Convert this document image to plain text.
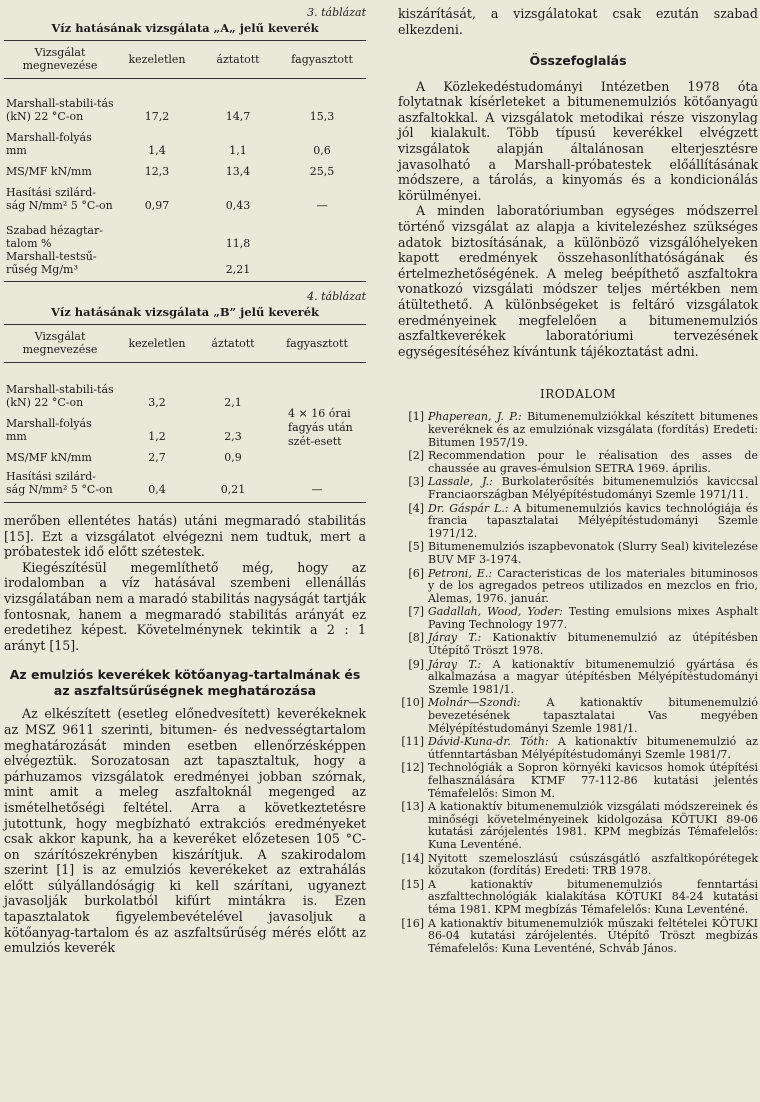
3. táblázat

Víz hatásának vizsgálata „A„ jelű keverék

Vizsgálat megnevezése	kezeletlen	áztatott	fagyasztott

Marshall-stabili-tás (kN) 22 °C-on	17,2	14,7	15,3

Marshall-folyás mm	1,4	1,1	0,6

MS/MF kN/mm	12,3	13,4	25,5

Hasítási szilárd-ság N/mm² 5 °C-on	0,97	0,43	—

Szabad hézagtar-talom %		11,8	
Marshall-testsű-rűség Mg/m³		2,21	

4. táblázat

Víz hatásának vizsgálata „B” jelű keverék

Vizsgálat megnevezése	kezeletlen	áztatott	fagyasztott

Marshall-stabili-tás (kN) 22 °C-on	3,2	2,1	4 × 16 órai fagyás után szét-esett

Marshall-folyás mm	1,2	2,3	

MS/MF kN/mm	2,7	0,9	

Hasítási szilárd-ság N/mm² 5 °C-on	0,4	0,21	—

merőben ellentétes hatás) utáni megmaradó stabilitás [15]. Ezt a vizsgálatot elvégezni nem tudtuk, mert a próbatestek idő előtt szétestek.

Kiegészítésül megemlíthető még, hogy az irodalomban a víz hatásával szembeni ellenállás vizsgálatában nem a maradó stabilitás nagyságát tartják fontosnak, hanem a megmaradó stabilitás arányát ez eredetihez képest. Követelménynek tekintik a 2 : 1 arányt [15].

Az emulziós keverékek kötőanyag-tartalmának és az aszfaltsűrűségnek meghatározása

Az elkészített (esetleg előnedvesített) keverékeknek az MSZ 9611 szerinti, bitumen- és nedvességtartalom meghatározását minden esetben ellenőrzésképpen elvégeztük. Sorozatosan azt tapasztaltuk, hogy a párhuzamos vizsgálatok eredményei jobban szórnak, mint amit a meleg aszfaltoknál megenged az ismételhetőségi feltétel. Arra a következtetésre jutottunk, hogy megbízható extrakciós eredményeket csak akkor kapunk, ha a keveréket előzetesen 105 °C-on szárítószekrényben kiszárítjuk. A szakirodalom szerint [1] is az emulziós keverékeket az extrahálás előtt súlyállandóságig ki kell szárítani, ugyanezt javasolják burkolatból kifúrt mintákra is. Ezen tapasztalatok figyelembevételével javasoljuk a kötőanyag-tartalom és az aszfaltsűrűség mérés előtt az emulziós keverék

kiszárítását, a vizsgálatokat csak ezután szabad elkezdeni.

Összefoglalás

A Közlekedéstudományi Intézetben 1978 óta folytatnak kísérleteket a bitumenemulziós kötőanyagú aszfaltokkal. A vizsgálatok metodikai része viszonylag jól kialakult. Több típusú keverékkel elvégzett vizsgálatok alapján általánosan elterjesztésre javasolható a Marshall-próbatestek előállításának módszere, a tárolás, a kinyomás és a kondicionálás körülményei.

A minden laboratóriumban egységes módszerrel történő vizsgálat az alapja a kivitelezéshez szükséges adatok biztosításának, a különböző vizsgálóhelyeken kapott eredmények összehasonlíthatóságának és értelmezhetőségének. A meleg beépíthető aszfaltokra vonatkozó vizsgálati módszer teljes mértékben nem átültethető. A különbségeket is feltáró vizsgálatok eredményeinek megfelelően a bitumenemulziós aszfaltkeverékek laboratóriumi tervezésének egységesítéséhez kívántunk tájékoztatást adni.

IRODALOM
[1] Phaperean, J. P.: Bitumenemulziókkal készített bitumenes keveréknek és az emulziónak vizsgálata (fordítás) Eredeti: Bitumen 1957/19.
[2] Recommendation pour le réalisation des asses de chaussée au graves-émulsion SETRA 1969. április.
[3] Lassale, J.: Burkolaterősítés bitumenemulziós kaviccsal Franciaországban Mélyépítéstudományi Szemle 1971/11.
[4] Dr. Gáspár L.: A bitumenemulziós kavics technológiája és francia tapasztalatai Mélyépítéstudományi Szemle 1971/12.
[5] Bitumenemulziós iszapbevonatok (Slurry Seal) kivitelezése BUV MF 3-1974.
[6] Petroni, E.: Caracteristicas de los materiales bituminosos y de los agregados petreos utilizados en mezclos en frio, Alemas, 1976. január.
[7] Gadallah, Wood, Yoder: Testing emulsions mixes Asphalt Paving Technology 1977.
[8] Járay T.: Kationaktív bitumenemulzió az útépítésben Útépítő Tröszt 1978.
[9] Járay T.: A kationaktív bitumenemulzió gyártása és alkalmazása a magyar útépítésben Mélyépítéstudományi Szemle 1981/1.
[10] Molnár—Szondi: A kationaktív bitumenemulzió bevezetésének tapasztalatai Vas megyében Mélyépítéstudományi Szemle 1981/1.
[11] Dávid-Kuna-dr. Tóth: A kationaktív bitumenemulzió az útfenntartásban Mélyépítéstudományi Szemle 1981/7.
[12] Technológiák a Sopron környéki kavicsos homok útépítési felhasználására KTMF 77-112-86 kutatási jelentés Témafelelős: Simon M.
[13] A kationaktív bitumenemulziók vizsgálati módszereinek és minőségi követelményeinek kidolgozása KÖTUKI 89-06 kutatási zárójelentés 1981. KPM megbízás Témafelelős: Kuna Leventéné.
[14] Nyitott szemeloszlású csúszásgátló aszfaltkopórétegek közutakon (fordítás) Eredeti: TRB 1978.
[15] A kationaktív bitumenemulziós fenntartási aszfalttechnológiák kialakítása KÖTUKI 84-24 kutatási téma 1981. KPM megbízás Témafelelős: Kuna Leventéné.
[16] A kationaktív bitumenemulziók műszaki feltételei KÖTUKI 86-04 kutatási zárójelentés. Útépítő Tröszt megbízás Témafelelős: Kuna Leventéné, Schváb János.
